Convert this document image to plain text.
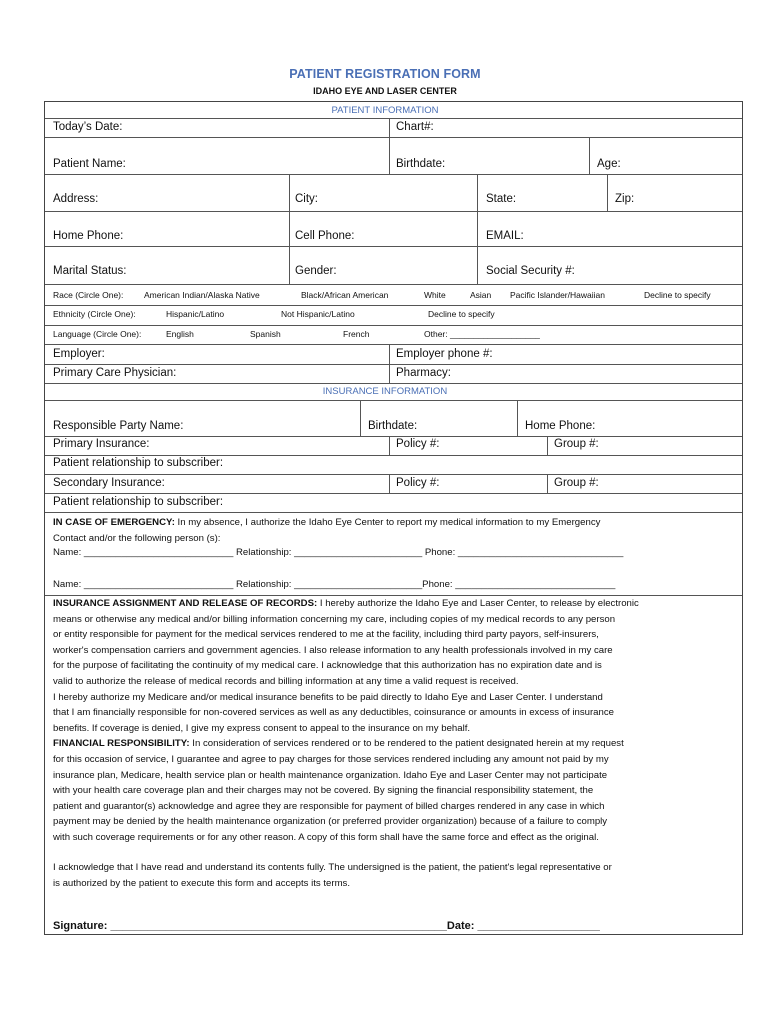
PATIENT REGISTRATION FORM
IDAHO EYE AND LASER CENTER
PATIENT INFORMATION
Today’s Date:	Chart#:
Patient Name:	Birthdate:	Age:
Address:	City:	State:	Zip:
Home Phone:	Cell Phone:	EMAIL:
Marital Status:	Gender:	Social Security #:
Race (Circle One): American Indian/Alaska Native	Black/African American	White	Asian Pacific Islander/Hawaiian	Decline to specify
Ethnicity (Circle One):	Hispanic/Latino	Not Hispanic/Latino	Decline to specify
Language (Circle One):	English	Spanish	French	Other: ___________________
Employer:	Employer phone #:
Primary Care Physician:	Pharmacy:
INSURANCE INFORMATION
Responsible Party Name:	Birthdate:	Home Phone:
Primary Insurance:	Policy #:	Group #:
Patient relationship to subscriber:
Secondary Insurance:	Policy #:	Group #:
Patient relationship to subscriber:

IN CASE OF EMERGENCY: In my absence, I authorize the Idaho Eye Center to report my medical information to my Emergency

Contact and/or the following person (s):

Name: ____________________________ Relationship: ________________________ Phone: _______________________________
Name: ____________________________ Relationship: ________________________Phone: ______________________________

INSURANCE ASSIGNMENT AND RELEASE OF RECORDS: I hereby authorize the Idaho Eye and Laser Center, to release by electronic

means or otherwise any medical and/or billing information concerning my care, including copies of my medical records to any person

or entity responsible for payment for the medical services rendered to me at the facility, including third party payors, self-insurers,

worker's compensation carriers and government agencies. I also release information to any health professionals involved in my care

for the purpose of facilitating the continuity of my medical care. I acknowledge that this authorization has no expiration date and is

valid to authorize the release of medical records and billing information at any time a valid request is received.

I hereby authorize my Medicare and/or medical insurance benefits to be paid directly to Idaho Eye and Laser Center. I understand

that I am financially responsible for non-covered services as well as any deductibles, coinsurance or amounts in excess of insurance

benefits. If coverage is denied, I give my express consent to appeal to the insurance on my behalf.

FINANCIAL RESPONSIBILITY: In consideration of services rendered or to be rendered to the patient designated herein at my request

for this occasion of service, I guarantee and agree to pay charges for those services rendered including any amount not paid by my

insurance plan, Medicare, health service plan or health maintenance organization. Idaho Eye and Laser Center may not participate

with your health care coverage plan and their charges may not be covered. By signing the financial responsibility statement, the

patient and guarantor(s) acknowledge and agree they are responsible for payment of billed charges rendered in any case in which

payment may be denied by the health maintenance organization (or preferred provider organization) because of a failure to comply

with such coverage requirements or for any other reason. A copy of this form shall have the same force and effect as the original.

I acknowledge that I have read and understand its contents fully. The undersigned is the patient, the patient's legal representative or

is authorized by the patient to execute this form and accepts its terms.

Signature: _______________________________________________________Date: ____________________
